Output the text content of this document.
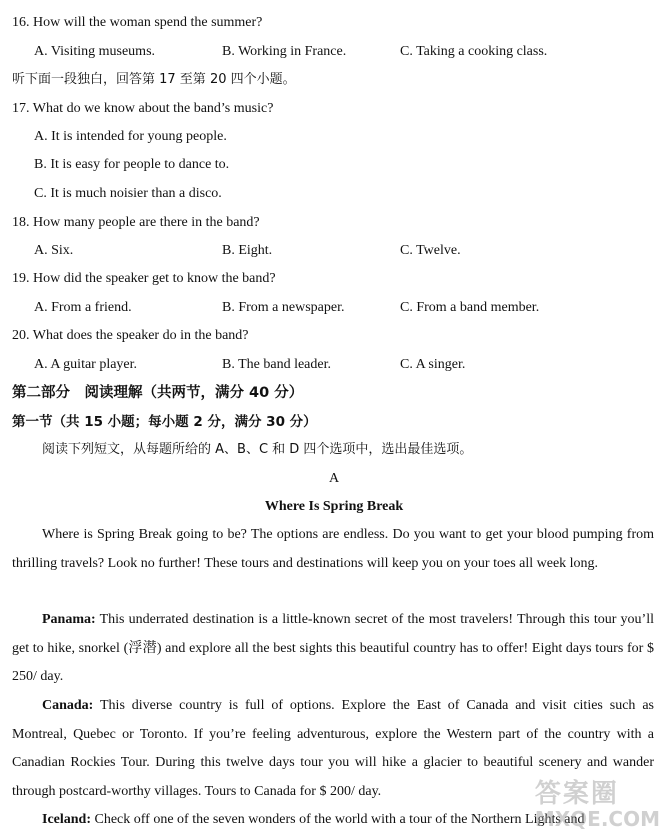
16. How will the woman spend the summer?
A. Visiting museums.	B. Working in France.	C. Taking a cooking class.
听下面一段独白，回答第 17 至第 20 四个小题。
17. What do we know about the band’s music?
A. It is intended for young people.
B. It is easy for people to dance to.
C. It is much noisier than a disco.
18. How many people are there in the band?
A. Six.	B. Eight.	C. Twelve.
19. How did the speaker get to know the band?
A. From a friend.	B. From a newspaper.	C. From a band member.
20. What does the speaker do in the band?
A. A guitar player.	B. The band leader.	C. A singer.
第二部分　阅读理解（共两节，满分 40 分）
第一节（共 15 小题；每小题 2 分，满分 30 分）
阅读下列短文，从每题所给的 A、B、C 和 D 四个选项中，选出最佳选项。
A
Where Is Spring Break
Where is Spring Break going to be? The options are endless. Do you want to get your blood pumping from thrilling travels? Look no further! These tours and destinations will keep you on your toes all week long.
Panama: This underrated destination is a little-known secret of the most travelers! Through this tour you’ll get to hike, snorkel (浮潜) and explore all the best sights this beautiful country has to offer! Eight days tours for $ 250/ day.
Canada: This diverse country is full of options. Explore the East of Canada and visit cities such as Montreal, Quebec or Toronto. If you’re feeling adventurous, explore the Western part of the country with a Canadian Rockies Tour. During this twelve days tour you will hike a glacier to beautiful scenery and wander through postcard-worthy villages. Tours to Canada for $ 200/ day.
Iceland: Check off one of the seven wonders of the world with a tour of the Northern Lights and
答案圈
MXQE.COM
